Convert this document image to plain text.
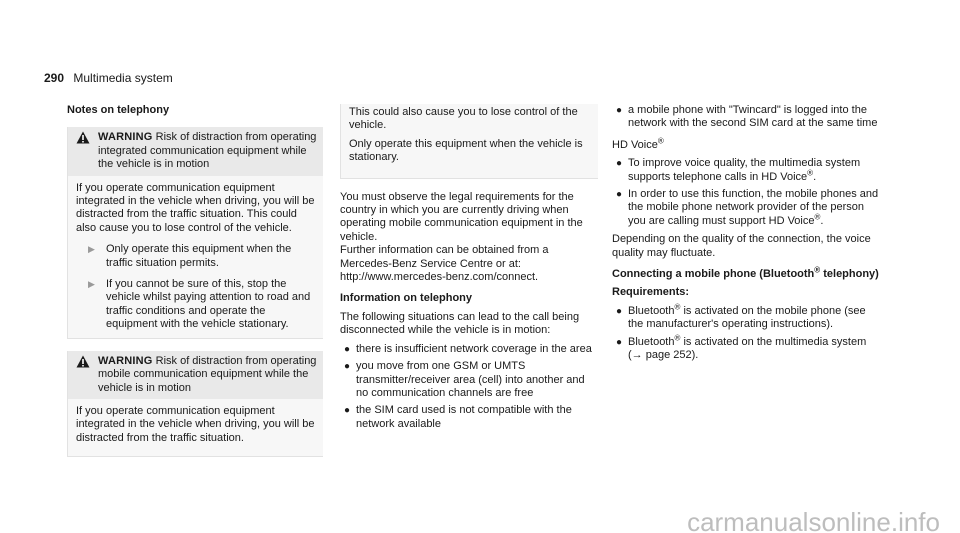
290 Multimedia system
Notes on telephony
WARNING Risk of distraction from operating integrated communication equipment while the vehicle is in motion

If you operate communication equipment integrated in the vehicle when driving, you will be distracted from the traffic situation. This could also cause you to lose control of the vehicle.

▶	Only operate this equipment when the traffic situation permits.
▶	If you cannot be sure of this, stop the vehicle whilst paying attention to road and traffic conditions and operate the equipment with the vehicle stationary.
WARNING Risk of distraction from operating mobile communication equipment while the vehicle is in motion

If you operate communication equipment integrated in the vehicle when driving, you will be distracted from the traffic situation.

This could also cause you to lose control of the vehicle.

Only operate this equipment when the vehicle is stationary.

You must observe the legal requirements for the country in which you are currently driving when operating mobile communication equipment in the vehicle.

Further information can be obtained from a Mercedes-Benz Service Centre or at: http://www.mercedes-benz.com/connect.

Information on telephony

The following situations can lead to the call being disconnected while the vehicle is in motion:

● there is insufficient network coverage in the area
● you move from one GSM or UMTS transmitter/receiver area (cell) into another and no communication channels are free
● the SIM card used is not compatible with the network available
● a mobile phone with "Twincard" is logged into the network with the second SIM card at the same time

HD Voice®

● To improve voice quality, the multimedia system supports telephone calls in HD Voice®.
● In order to use this function, the mobile phones and the mobile phone network provider of the person you are calling must support HD Voice®.

Depending on the quality of the connection, the voice quality may fluctuate.

Connecting a mobile phone (Bluetooth® telephony)
Requirements:
● Bluetooth® is activated on the mobile phone (see the manufacturer's operating instructions).
● Bluetooth® is activated on the multimedia system (→ page 252).
carmanualsonline.info
